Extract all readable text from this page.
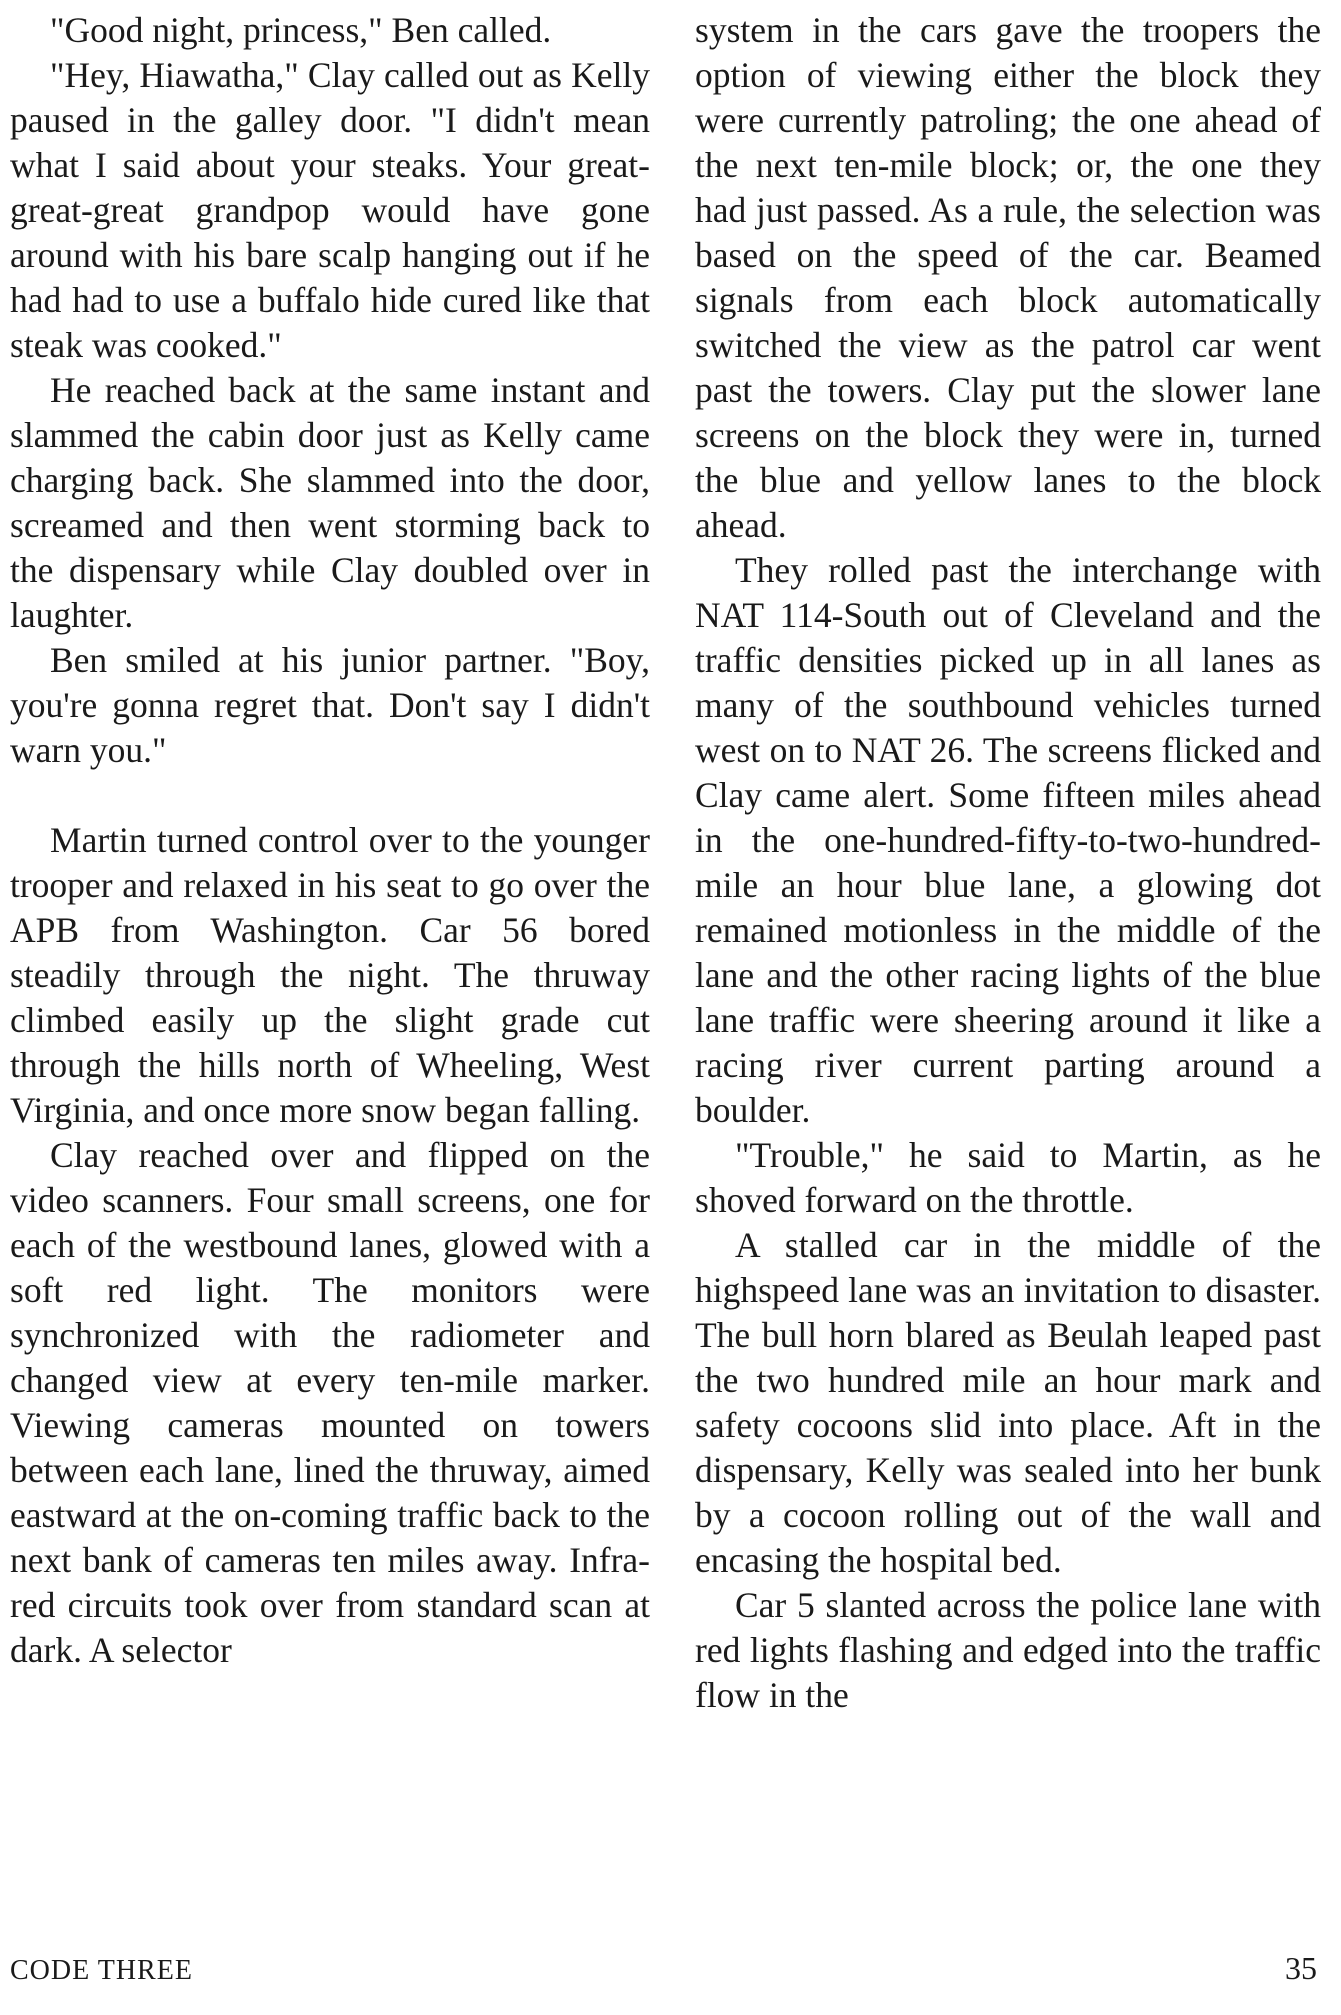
"Good night, princess," Ben called.

"Hey, Hiawatha," Clay called out as Kelly paused in the galley door. "I didn't mean what I said about your steaks. Your great-great-great grandpop would have gone around with his bare scalp hanging out if he had had to use a buffalo hide cured like that steak was cooked."

He reached back at the same instant and slammed the cabin door just as Kelly came charging back. She slammed into the door, screamed and then went storming back to the dispensary while Clay doubled over in laughter.

Ben smiled at his junior partner. "Boy, you're gonna regret that. Don't say I didn't warn you."

Martin turned control over to the younger trooper and relaxed in his seat to go over the APB from Washington. Car 56 bored steadily through the night. The thruway climbed easily up the slight grade cut through the hills north of Wheeling, West Virginia, and once more snow began falling.

Clay reached over and flipped on the video scanners. Four small screens, one for each of the westbound lanes, glowed with a soft red light. The monitors were synchronized with the radiometer and changed view at every ten-mile marker. Viewing cameras mounted on towers between each lane, lined the thruway, aimed eastward at the on-coming traffic back to the next bank of cameras ten miles away. Infra-red circuits took over from standard scan at dark. A selector

system in the cars gave the troopers the option of viewing either the block they were currently patroling; the one ahead of the next ten-mile block; or, the one they had just passed. As a rule, the selection was based on the speed of the car. Beamed signals from each block automatically switched the view as the patrol car went past the towers. Clay put the slower lane screens on the block they were in, turned the blue and yellow lanes to the block ahead.

They rolled past the interchange with NAT 114-South out of Cleveland and the traffic densities picked up in all lanes as many of the southbound vehicles turned west on to NAT 26. The screens flicked and Clay came alert. Some fifteen miles ahead in the one-hundred-fifty-to-two-hundred-mile an hour blue lane, a glowing dot remained motionless in the middle of the lane and the other racing lights of the blue lane traffic were sheering around it like a racing river current parting around a boulder.

"Trouble," he said to Martin, as he shoved forward on the throttle.

A stalled car in the middle of the highspeed lane was an invitation to disaster. The bull horn blared as Beulah leaped past the two hundred mile an hour mark and safety cocoons slid into place. Aft in the dispensary, Kelly was sealed into her bunk by a cocoon rolling out of the wall and encasing the hospital bed.

Car 5 slanted across the police lane with red lights flashing and edged into the traffic flow in the

CODE THREE	35
